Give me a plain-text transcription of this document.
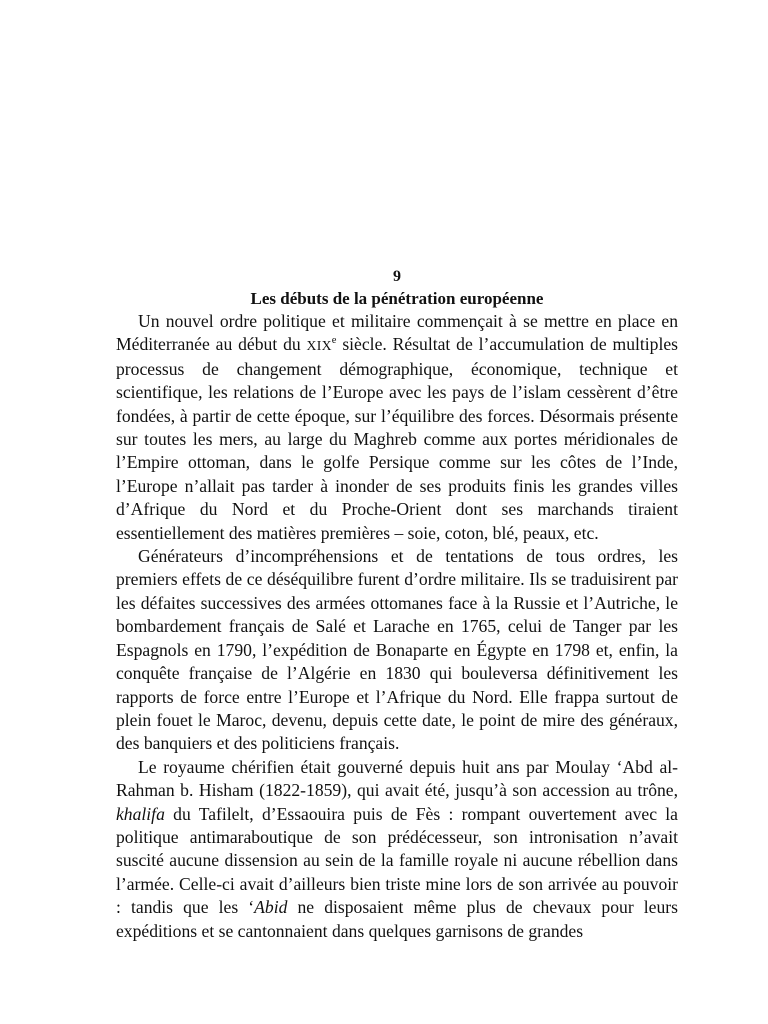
9

Les débuts de la pénétration européenne

Un nouvel ordre politique et militaire commençait à se mettre en place en Méditerranée au début du XIXe siècle. Résultat de l’accumulation de multiples processus de changement démographique, économique, technique et scientifique, les relations de l’Europe avec les pays de l’islam cessèrent d’être fondées, à partir de cette époque, sur l’équilibre des forces. Désormais présente sur toutes les mers, au large du Maghreb comme aux portes méridionales de l’Empire ottoman, dans le golfe Persique comme sur les côtes de l’Inde, l’Europe n’allait pas tarder à inonder de ses produits finis les grandes villes d’Afrique du Nord et du Proche-Orient dont ses marchands tiraient essentiellement des matières premières – soie, coton, blé, peaux, etc.

Générateurs d’incompréhensions et de tentations de tous ordres, les premiers effets de ce déséquilibre furent d’ordre militaire. Ils se traduisirent par les défaites successives des armées ottomanes face à la Russie et l’Autriche, le bombardement français de Salé et Larache en 1765, celui de Tanger par les Espagnols en 1790, l’expédition de Bonaparte en Égypte en 1798 et, enfin, la conquête française de l’Algérie en 1830 qui bouleversa définitivement les rapports de force entre l’Europe et l’Afrique du Nord. Elle frappa surtout de plein fouet le Maroc, devenu, depuis cette date, le point de mire des généraux, des banquiers et des politiciens français.

Le royaume chérifien était gouverné depuis huit ans par Moulay ‘Abd al-Rahman b. Hisham (1822-1859), qui avait été, jusqu’à son accession au trône, khalifa du Tafilelt, d’Essaouira puis de Fès : rompant ouvertement avec la politique antimaraboutique de son prédécesseur, son intronisation n’avait suscité aucune dissension au sein de la famille royale ni aucune rébellion dans l’armée. Celle-ci avait d’ailleurs bien triste mine lors de son arrivée au pouvoir : tandis que les ‘Abid ne disposaient même plus de chevaux pour leurs expéditions et se cantonnaient dans quelques garnisons de grandes
